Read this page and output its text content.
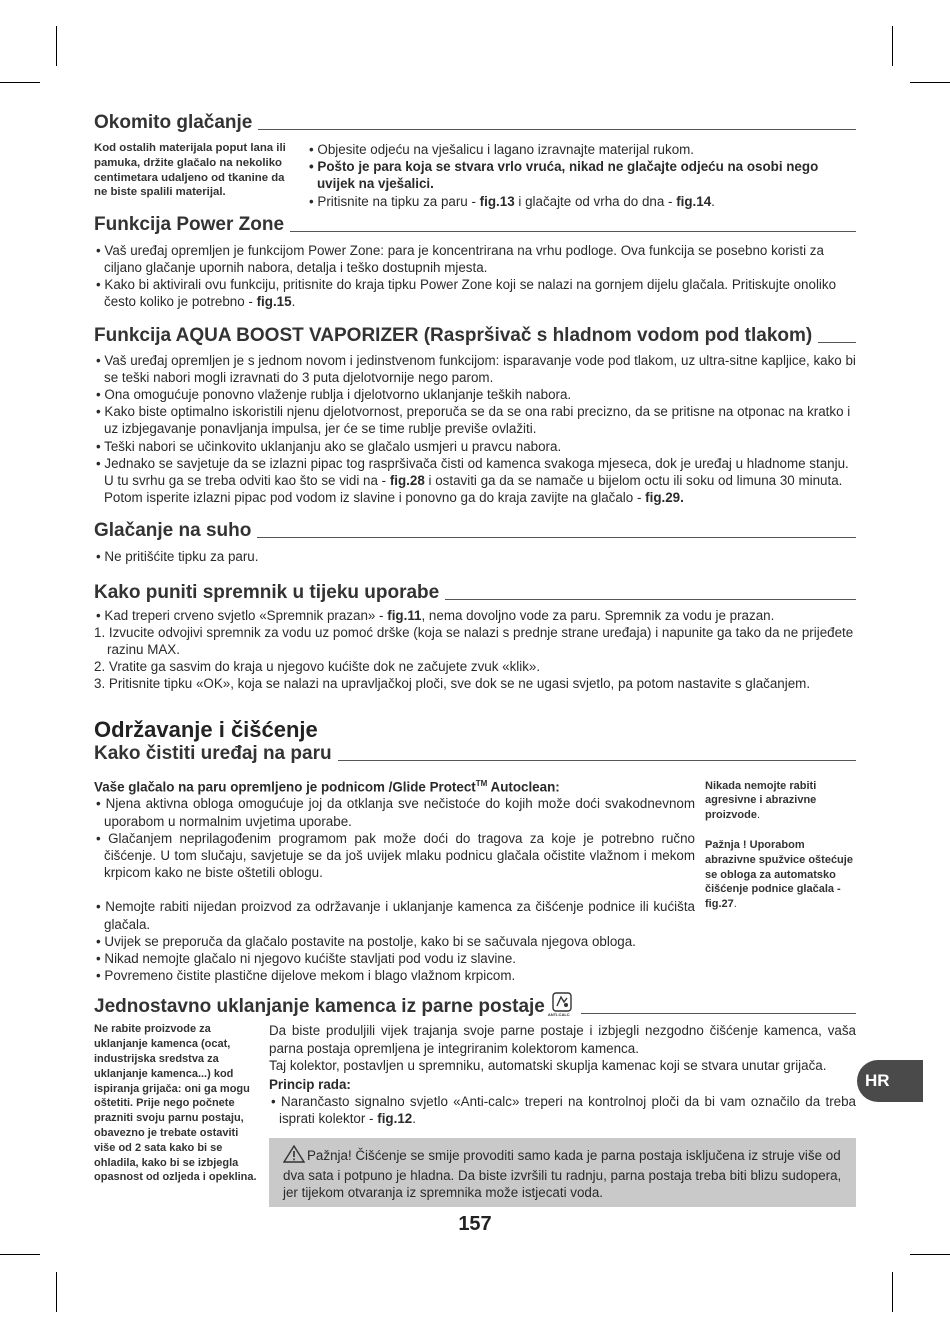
Okomito glačanje
Kod ostalih materijala poput lana ili pamuka, držite glačalo na nekoliko centimetara udaljeno od tkanine da ne biste spalili materijal.

• Objesite odjeću na vješalicu i lagano izravnajte materijal rukom.

• Pošto je para koja se stvara vrlo vruća, nikad ne glačajte odjeću na osobi nego uvijek na vješalici.

• Pritisnite na tipku za paru - fig.13 i glačajte od vrha do dna - fig.14.

Funkcija Power Zone

• Vaš uređaj opremljen je funkcijom Power Zone: para je koncentrirana na vrhu podloge. Ova funkcija se posebno koristi za ciljano glačanje upornih nabora, detalja i teško dostupnih mjesta.

• Kako bi aktivirali ovu funkciju, pritisnite do kraja tipku Power Zone koji se nalazi na gornjem dijelu glačala. Pritiskujte onoliko često koliko je potrebno - fig.15.

Funkcija AQUA BOOST VAPORIZER (Raspršivač s hladnom vodom pod tlakom)

• Vaš uređaj opremljen je s jednom novom i jedinstvenom funkcijom: isparavanje vode pod tlakom, uz ultra-sitne kapljice, kako bi se teški nabori mogli izravnati do 3 puta djelotvornije nego parom.

• Ona omogućuje ponovno vlaženje rublja i djelotvorno uklanjanje teških nabora.

• Kako biste optimalno iskoristili njenu djelotvornost, preporuča se da se ona rabi precizno, da se pritisne na otponac na kratko i uz izbjegavanje ponavljanja impulsa, jer će se time rublje previše ovlažiti.

• Teški nabori se učinkovito uklanjanju ako se glačalo usmjeri u pravcu nabora.

• Jednako se savjetuje da se izlazni pipac tog raspršivača čisti od kamenca svakoga mjeseca, dok je uređaj u hladnome stanju. U tu svrhu ga se treba odviti kao što se vidi na - fig.28 i ostaviti ga da se namače u bijelom octu ili soku od limuna 30 minuta. Potom isperite izlazni pipac pod vodom iz slavine i ponovno ga do kraja zavijte na glačalo - fig.29.

Glačanje na suho

• Ne pritišćite tipku za paru.

Kako puniti spremnik u tijeku uporabe

• Kad treperi crveno svjetlo «Spremnik prazan» - fig.11, nema dovoljno vode za paru. Spremnik za vodu je prazan.

1. Izvucite odvojivi spremnik za vodu uz pomoć drške (koja se nalazi s prednje strane uređaja) i napunite ga tako da ne prijeđete razinu MAX.

2. Vratite ga sasvim do kraja u njegovo kućište dok ne začujete zvuk «klik».

3. Pritisnite tipku «OK», koja se nalazi na upravljačkoj ploči, sve dok se ne ugasi svjetlo, pa potom nastavite s glačanjem.

Održavanje i čišćenje
Kako čistiti uređaj na paru

Vaše glačalo na paru opremljeno je podnicom /Glide Protect™ Autoclean:

• Njena aktivna obloga omogućuje joj da otklanja sve nečistoće do kojih može doći svakodnevnom uporabom u normalnim uvjetima uporabe.

• Glačanjem neprilagođenim programom pak može doći do tragova za koje je potrebno ručno čišćenje. U tom slučaju, savjetuje se da još uvijek mlaku podnicu glačala očistite vlažnom i mekom krpicom kako ne biste oštetili oblogu.

• Nemojte rabiti nijedan proizvod za održavanje i uklanjanje kamenca za čišćenje podnice ili kućišta glačala.

• Uvijek se preporuča da glačalo postavite na postolje, kako bi se sačuvala njegova obloga.

• Nikad nemojte glačalo ni njegovo kućište stavljati pod vodu iz slavine.

• Povremeno čistite plastične dijelove mekom i blago vlažnom krpicom.

Nikada nemojte rabiti agresivne i abrazivne proizvode.
Pažnja ! Uporabom abrazivne spužvice oštećuje se obloga za automatsko čišćenje podnice glačala - fig.27.
Jednostavno uklanjanje kamenca iz parne postaje ANTI-CALC
Ne rabite proizvode za uklanjanje kamenca (ocat, industrijska sredstva za uklanjanje kamenca...) kod ispiranja grijača: oni ga mogu oštetiti. Prije nego počnete prazniti svoju parnu postaju, obavezno je trebate ostaviti više od 2 sata kako bi se ohladila, kako bi se izbjegla opasnost od ozljeda i opeklina.

Da biste produljili vijek trajanja svoje parne postaje i izbjegli nezgodno čišćenje kamenca, vaša parna postaja opremljena je integriranim kolektorom kamenca.

Taj kolektor, postavljen u spremniku, automatski skuplja kamenac koji se stvara unutar grijača.

Princip rada:

• Narančasto signalno svjetlo «Anti-calc» treperi na kontrolnoj ploči da bi vam označilo da treba isprati kolektor - fig.12.

Pažnja! Čišćenje se smije provoditi samo kada je parna postaja isključena iz struje više od dva sata i potpuno je hladna. Da biste izvršili tu radnju, parna postaja treba biti blizu sudopera, jer tijekom otvaranja iz spremnika može istjecati voda.
HR
157
